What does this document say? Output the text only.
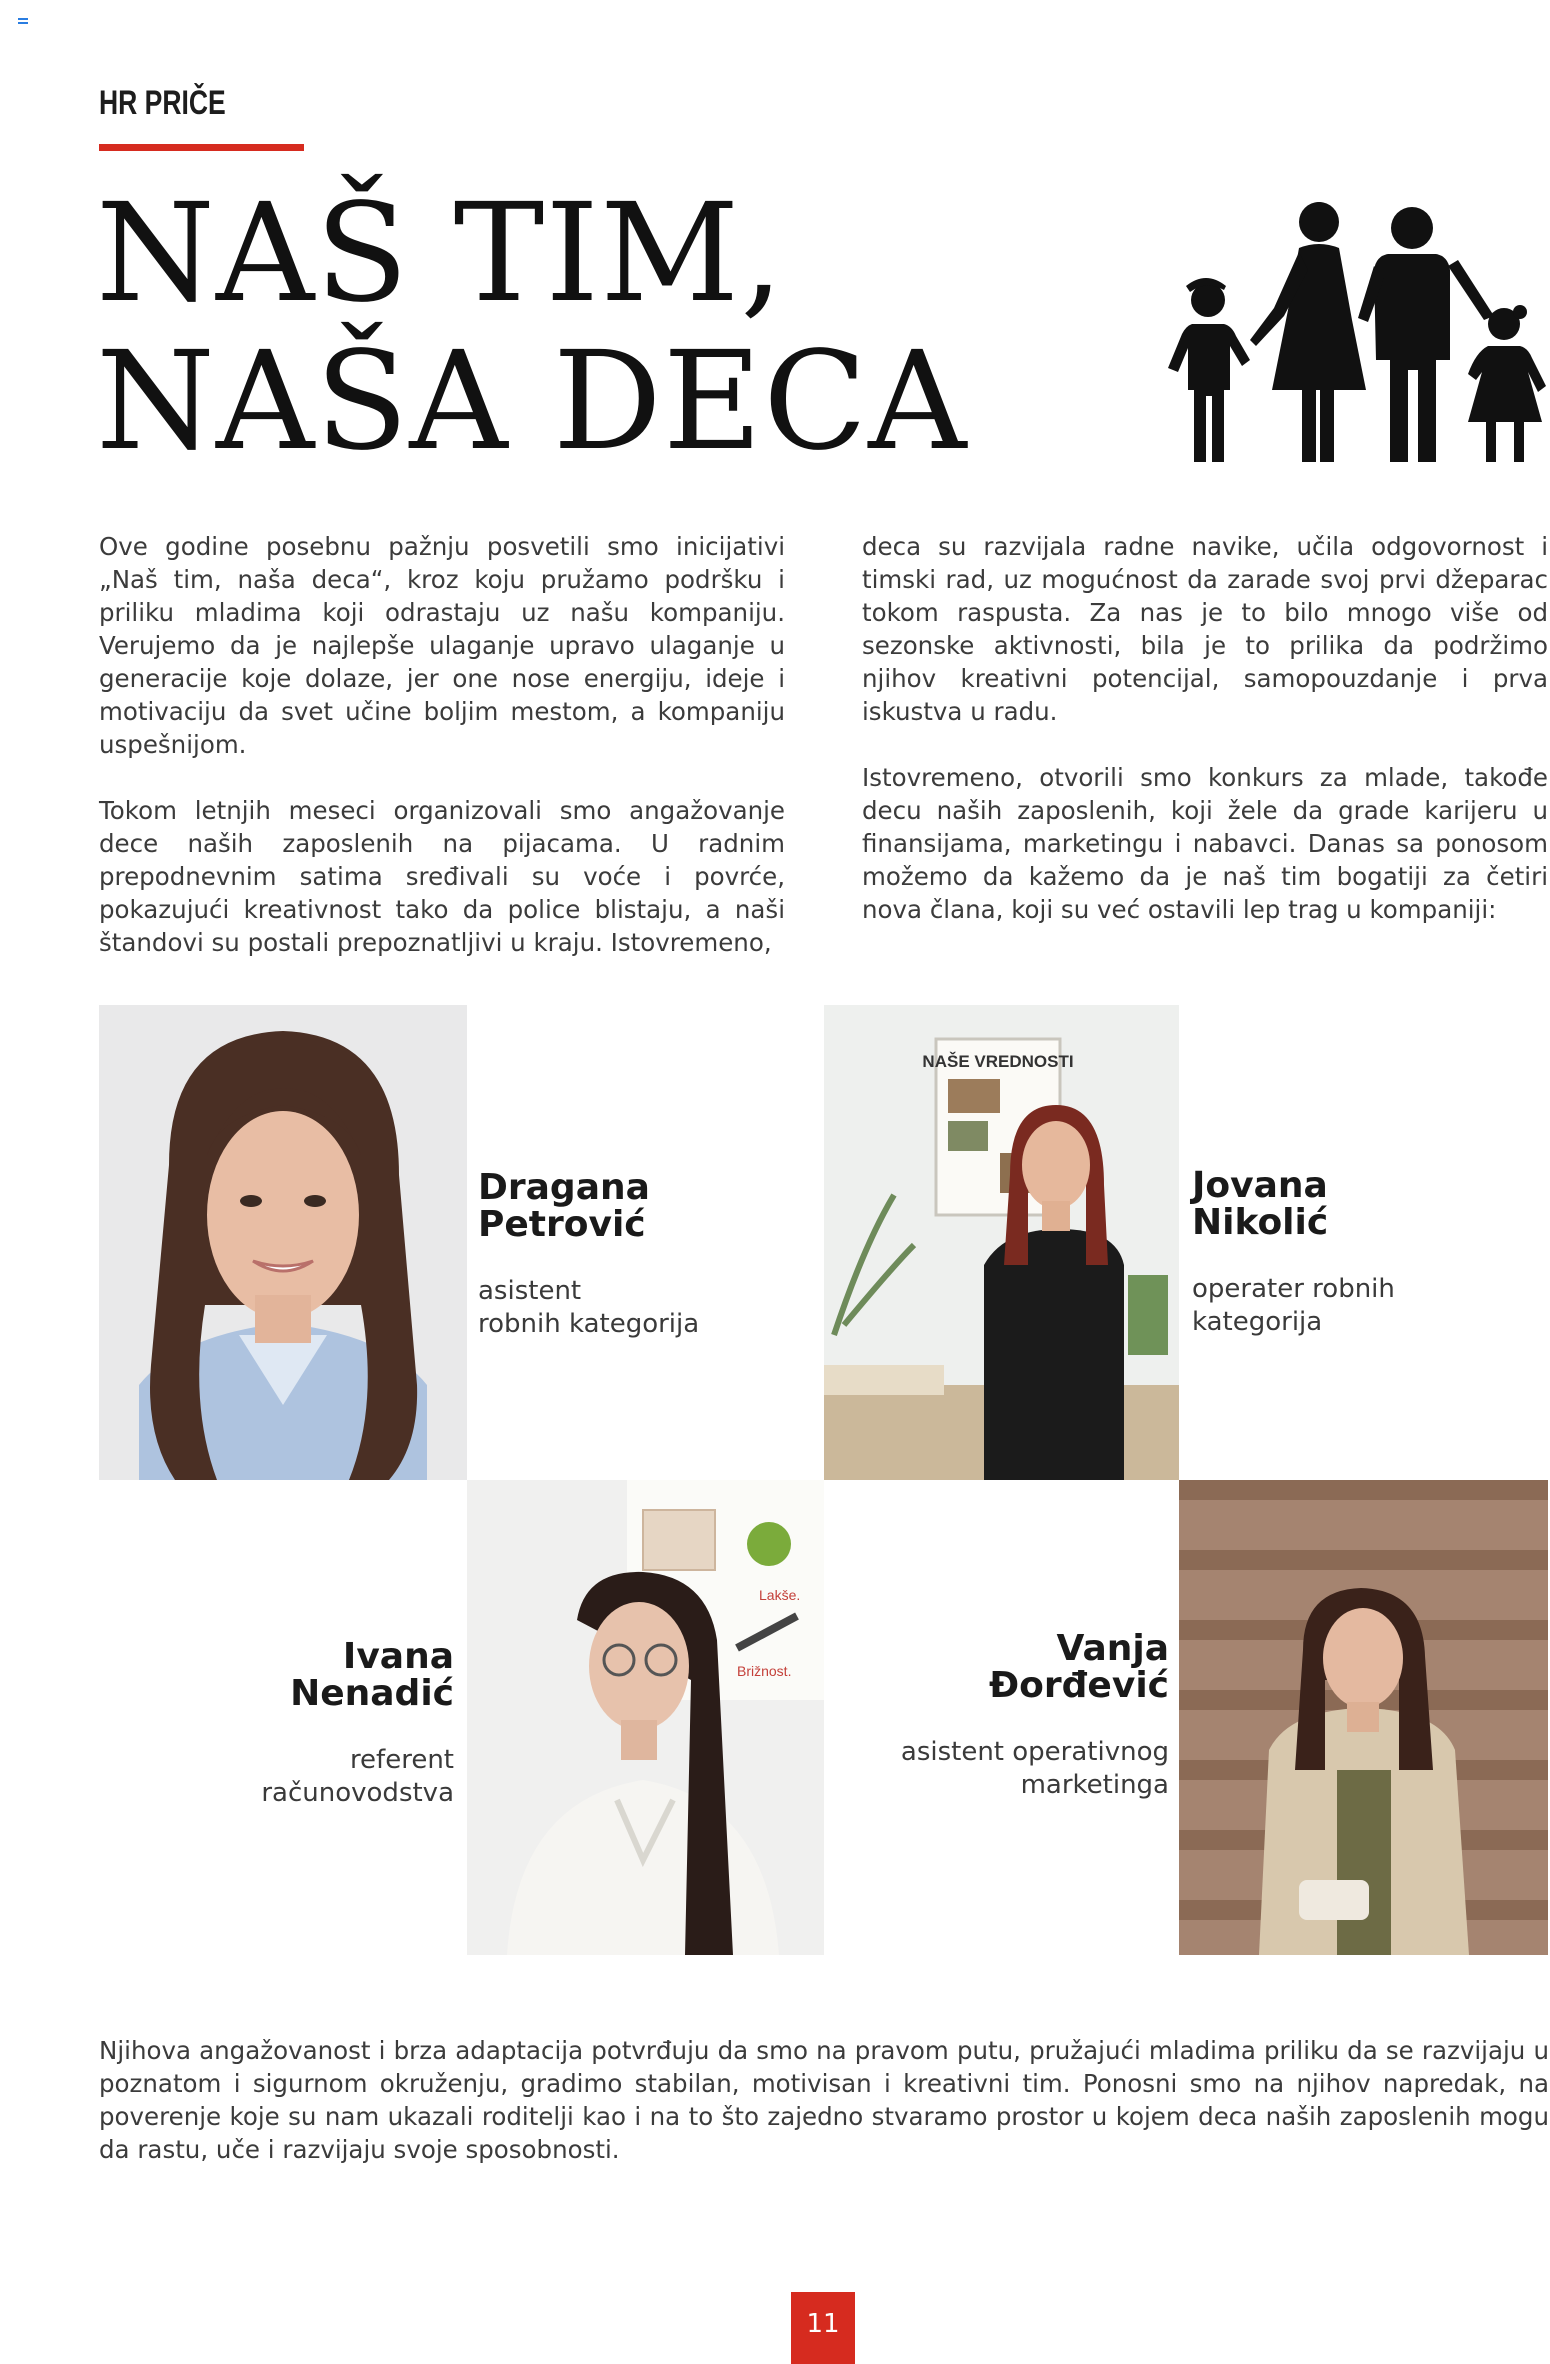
HR PRIČE
NAŠ TIM,
NAŠA DECA

Ove godine posebnu pažnju posvetili smo inicijativi „Naš tim, naša deca“, kroz koju pružamo podršku i priliku mladima koji odrastaju uz našu kompaniju. Verujemo da je najlepše ulaganje upravo ulaganje u generacije koje dolaze, jer one nose energiju, ideje i motivaciju da svet učine boljim mestom, a kompaniju uspešnijom.

Tokom letnjih meseci organizovali smo angažovanje dece naših zaposlenih na pijacama. U radnim prepodnevnim satima sređivali su voće i povrće, pokazujući kreativnost tako da police blistaju, a naši štandovi su postali prepoznatljivi u kraju. Istovremeno,

deca su razvijala radne navike, učila odgovornost i timski rad, uz mogućnost da zarade svoj prvi džeparac tokom raspusta. Za nas je to bilo mnogo više od sezonske aktivnosti, bila je to prilika da podržimo njihov kreativni potencijal, samopouzdanje i prva iskustva u radu.

Istovremeno, otvorili smo konkurs za mlade, takođe decu naših zaposlenih, koji žele da grade karijeru u finansijama, marketingu i nabavci. Danas sa ponosom možemo da kažemo da je naš tim bogatiji za četiri nova člana, koji su već ostavili lep trag u kompaniji:

NAŠE VREDNOSTI
Lakše.
Brižnost.
Dragana
Petrović
asistent
robnih kategorija
Jovana
Nikolić
operater robnih
kategorija
Ivana
Nenadić
referent
računovodstva
Vanja
Đorđević
asistent operativnog
marketinga

Njihova angažovanost i brza adaptacija potvrđuju da smo na pravom putu, pružajući mladima priliku da se razvijaju u poznatom i sigurnom okruženju, gradimo stabilan, motivisan i kreativni tim. Ponosni smo na njihov napredak, na poverenje koje su nam ukazali roditelji kao i na to što zajedno stvaramo prostor u kojem deca naših zaposlenih mogu da rastu, uče i razvijaju svoje sposobnosti.

11
